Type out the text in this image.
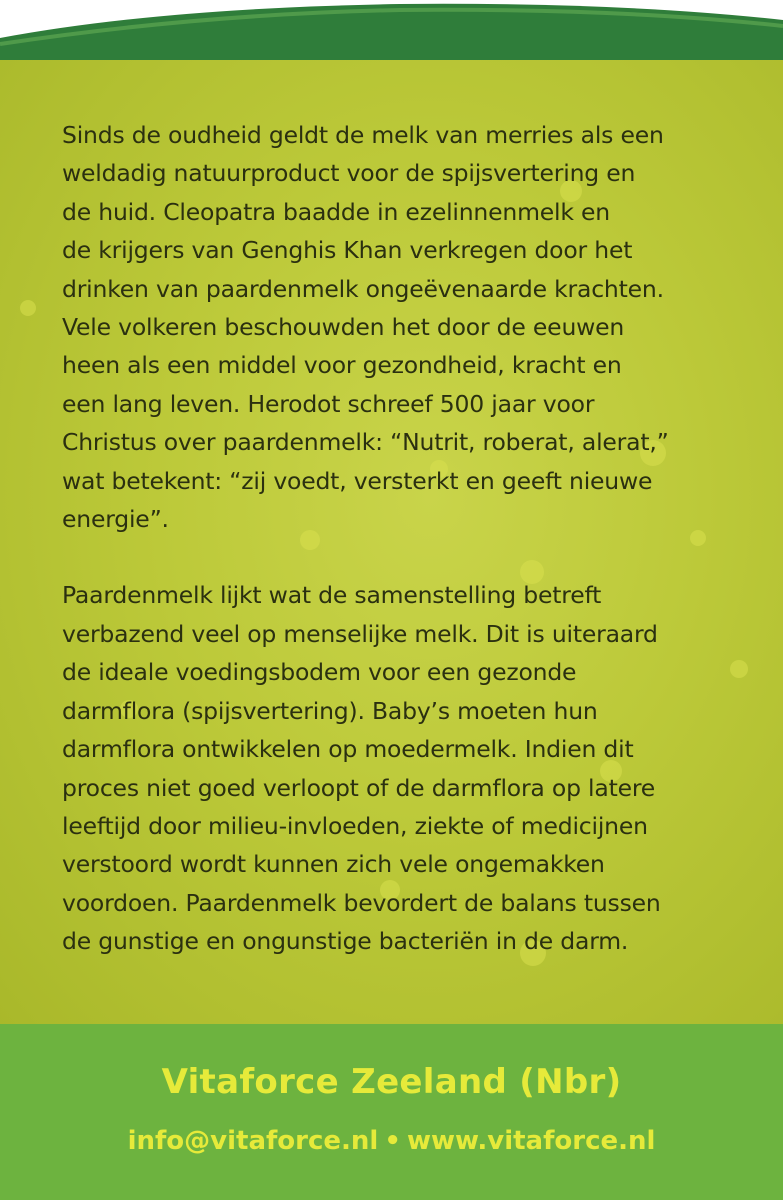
Sinds de oudheid geldt de melk van merries als een
weldadig natuurproduct voor de spijsvertering en
de huid. Cleopatra baadde in ezelinnenmelk en
de krijgers van Genghis Khan verkregen door het
drinken van paardenmelk ongeëvenaarde krachten.
Vele volkeren beschouwden het door de eeuwen
heen als een middel voor gezondheid, kracht en
een lang leven. Herodot schreef 500 jaar voor
Christus over paardenmelk: “Nutrit, roberat, alerat,”
wat betekent: “zij voedt, versterkt en geeft nieuwe
energie”.

Paardenmelk lijkt wat de samenstelling betreft
verbazend veel op menselijke melk. Dit is uiteraard
de ideale voedingsbodem voor een gezonde
darmflora (spijsvertering). Baby’s moeten hun
darmflora ontwikkelen op moedermelk. Indien dit
proces niet goed verloopt of de darmflora op latere
leeftijd door milieu-invloeden, ziekte of medicijnen
verstoord wordt kunnen zich vele ongemakken
voordoen. Paardenmelk bevordert de balans tussen
de gunstige en ongunstige bacteriën in de darm.

Vitaforce Zeeland (Nbr)
info@vitaforce.nl • www.vitaforce.nl
